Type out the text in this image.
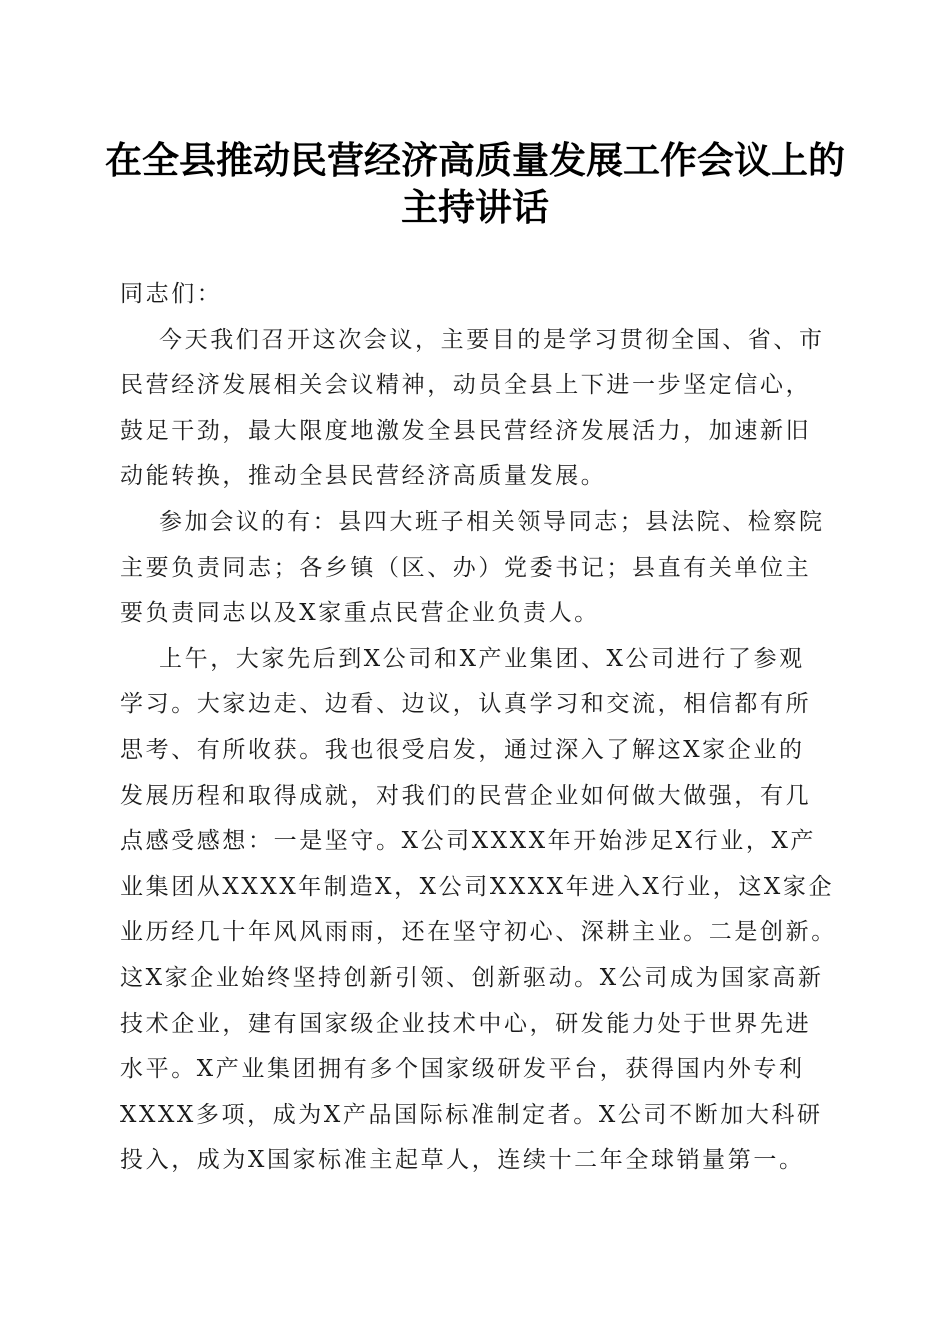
在全县推动民营经济高质量发展工作会议上的
主持讲话
同志们：
今天我们召开这次会议，主要目的是学习贯彻全国、省、市
民营经济发展相关会议精神，动员全县上下进一步坚定信心，
鼓足干劲，最大限度地激发全县民营经济发展活力，加速新旧
动能转换，推动全县民营经济高质量发展。
参加会议的有：县四大班子相关领导同志；县法院、检察院
主要负责同志；各乡镇（区、办）党委书记；县直有关单位主
要负责同志以及X家重点民营企业负责人。
上午，大家先后到X公司和X产业集团、X公司进行了参观
学习。大家边走、边看、边议，认真学习和交流，相信都有所
思考、有所收获。我也很受启发，通过深入了解这X家企业的
发展历程和取得成就，对我们的民营企业如何做大做强，有几
点感受感想：一是坚守。X公司XXXX年开始涉足X行业，X产
业集团从XXXX年制造X，X公司XXXX年进入X行业，这X家企
业历经几十年风风雨雨，还在坚守初心、深耕主业。二是创新。
这X家企业始终坚持创新引领、创新驱动。X公司成为国家高新
技术企业，建有国家级企业技术中心，研发能力处于世界先进
水平。X产业集团拥有多个国家级研发平台，获得国内外专利
XXXX多项，成为X产品国际标准制定者。X公司不断加大科研
投入，成为X国家标准主起草人，连续十二年全球销量第一。
